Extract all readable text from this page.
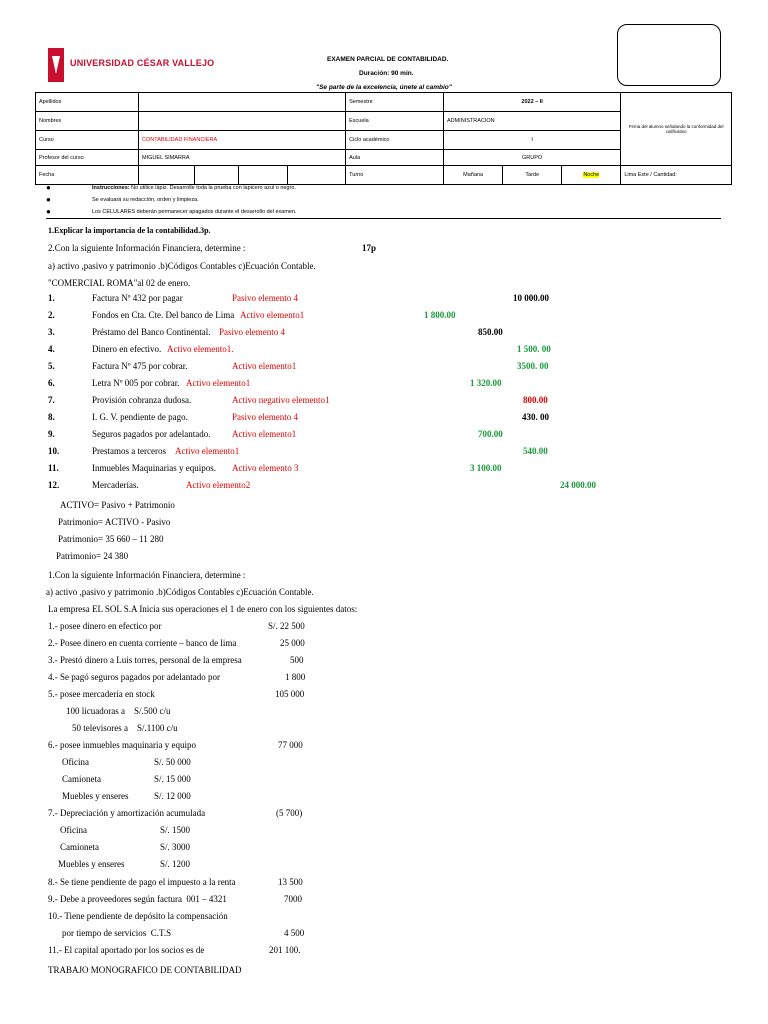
UNIVERSIDAD CÉSAR VALLEJO	EXAMEN PARCIAL DE CONTABILIDAD.
Duración: 90 min.
"Se parte de la excelencia, únete al cambio"
Apellidos					Semestre	2022 – II			Firma del alumno señalando la conformidad del calificativo
Nombres					Escuela	ADMINISTRACION			
Curso	CONTABILIDAD FINANCIERA				Ciclo académico	I			
Profesor del curso	MIGUEL SIMARRA				Aula	GRUPO			
Fecha					Turno	Mañana	Tarde	Noche	Lima Este / Cantidad:
●	Instrucciones: No utilice lápiz. Desarrolle toda la prueba con lapicero azul o negro.
●	Se evaluará su redacción, orden y limpieza.
●	Los CELULARES deberán permanecer apagados durante el desarrollo del examen.
1.Explicar la importancia de la contabilidad.3p.
2.Con la siguiente Información Financiera, determine :	17p
a) activo ,pasivo y patrimonio .b)Códigos Contables c)Ecuación Contable.
"COMERCIAL ROMA"al 02 de enero.
1.	Factura Nº 432 por pagar	Pasivo elemento 4	10 000.00
2.	Fondos en Cta. Cte. Del banco de Lima Activo elemento1	1 800.00
3.	Préstamo del Banco Continental. Pasivo elemento 4	850.00
4.	Dinero en efectivo. Activo elemento1.	1 500. 00
5.	Factura Nº 475 por cobrar.	Activo elemento1	3500. 00
6.	Letra Nº 005 por cobrar. Activo elemento1	1 320.00
7.	Provisión cobranza dudosa.	Activo negativo elemento1	800.00
8.	I. G. V. pendiente de pago.	Pasivo elemento 4	430. 00
9.	Seguros pagados por adelantado. Activo elemento1	700.00
10.	Prestamos a terceros Activo elemento1	540.00
11.	Inmuebles Maquinarias y equipos. Activo elemento 3	3 100.00
12.	Mercaderías.	Activo elemento2	24 000.00
ACTIVO= Pasivo + Patrimonio
Patrimonio= ACTIVO - Pasivo
Patrimonio= 35 660 – 11 280
Patrimonio= 24 380
1.Con la siguiente Información Financiera, determine :
a) activo ,pasivo y patrimonio .b)Códigos Contables c)Ecuación Contable.
La empresa EL SOL S.A Inicia sus operaciones el 1 de enero con los siguientes datos:
1.- posee dinero en efectico por	S/. 22 500
2.- Posee dinero en cuenta corriente – banco de lima	25 000
3.- Prestó dinero a Luis torres, personal de la empresa	500
4.- Se pagó seguros pagados por adelantado por	1 800
5.- posee mercadería en stock	105 000
100 licuadoras a    S/.500 c/u
50 televisores a    S/.1100 c/u
6.- posee inmuebles maquinaria y equipo	77 000
Oficina	S/. 50 000
Camioneta	S/. 15 000
Muebles y enseres	S/. 12 000
7.- Depreciación y amortización acumulada	(5 700)
Oficina	S/. 1500
Camioneta	S/. 3000
Muebles y enseres	S/. 1200
8.- Se tiene pendiente de pago el impuesto a la renta	13 500
9.- Debe a proveedores según factura  001 – 4321	7000
10.- Tiene pendiente de depósito la compensación
por tiempo de servicios  C.T.S	4 500
11.- El capital aportado por los socios es de	201 100.
TRABAJO MONOGRAFICO DE CONTABILIDAD
